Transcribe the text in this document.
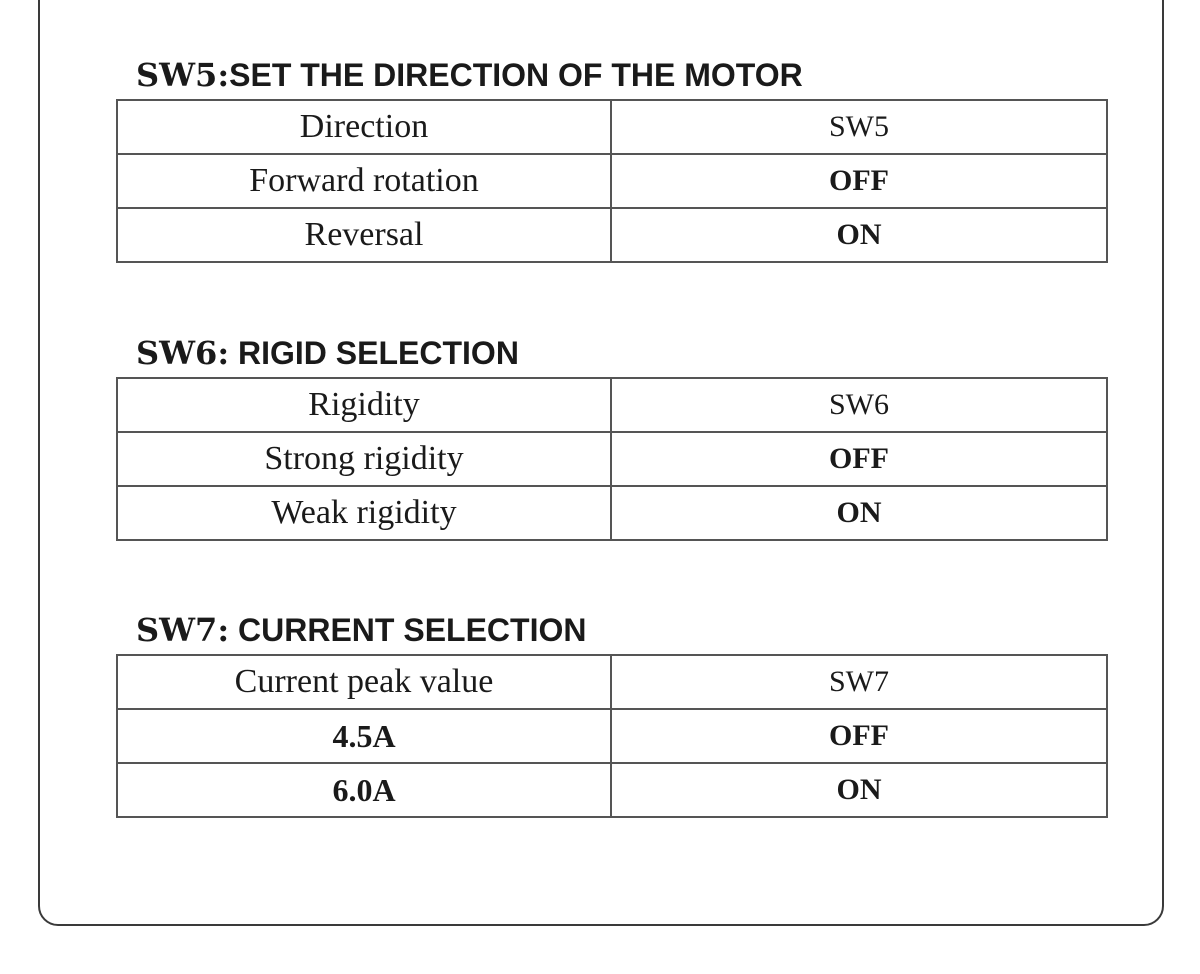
SW5:SET THE DIRECTION OF THE MOTOR
Direction	SW5
Forward rotation	OFF
Reversal	ON
SW6: RIGID SELECTION
Rigidity	SW6
Strong rigidity	OFF
Weak rigidity	ON
SW7: CURRENT SELECTION
Current peak value	SW7
4.5A	OFF
6.0A	ON
